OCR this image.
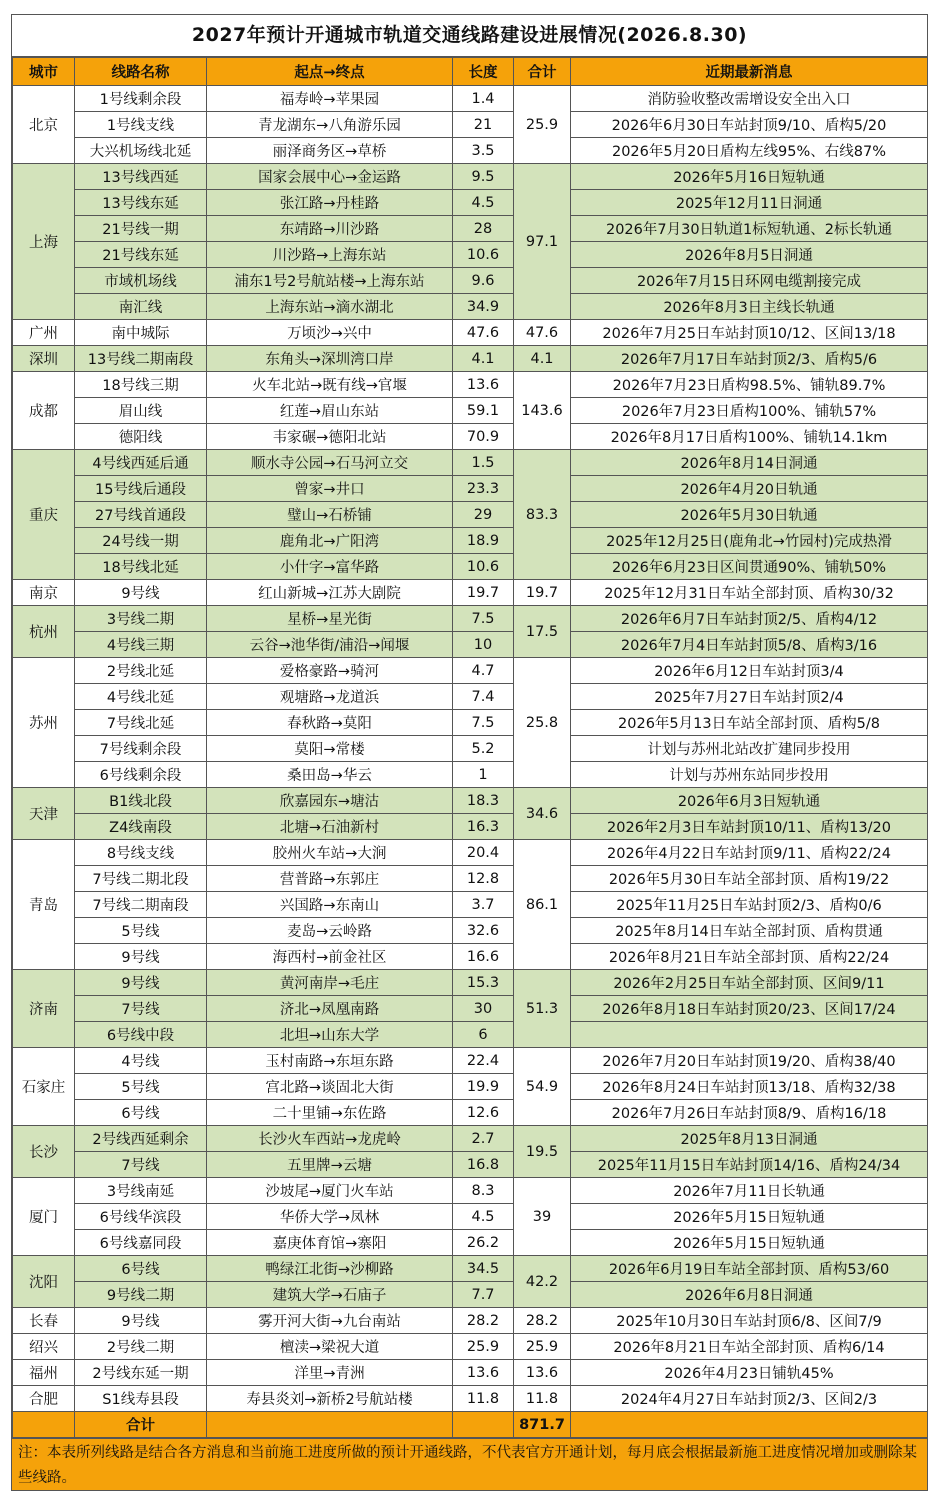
2027年预计开通城市轨道交通线路建设进展情况(2026.8.30)
城市	线路名称	起点→终点	长度	合计	近期最新消息
北京	1号线剩余段	福寿岭→苹果园	1.4	25.9	消防验收整改需增设安全出入口
	1号线支线	青龙湖东→八角游乐园	21		2026年6月30日车站封顶9/10、盾构5/20
	大兴机场线北延	丽泽商务区→草桥	3.5		2026年5月20日盾构左线95%、右线87%
上海	13号线西延	国家会展中心→金运路	9.5	97.1	2026年5月16日短轨通
	13号线东延	张江路→丹桂路	4.5		2025年12月11日洞通
	21号线一期	东靖路→川沙路	28		2026年7月30日轨道1标短轨通、2标长轨通
	21号线东延	川沙路→上海东站	10.6		2026年8月5日洞通
	市域机场线	浦东1号2号航站楼→上海东站	9.6		2026年7月15日环网电缆割接完成
	南汇线	上海东站→滴水湖北	34.9		2026年8月3日主线长轨通
广州	南中城际	万顷沙→兴中	47.6	47.6	2026年7月25日车站封顶10/12、区间13/18
深圳	13号线二期南段	东角头→深圳湾口岸	4.1	4.1	2026年7月17日车站封顶2/3、盾构5/6
成都	18号线三期	火车北站→既有线→官堰	13.6	143.6	2026年7月23日盾构98.5%、铺轨89.7%
	眉山线	红莲→眉山东站	59.1		2026年7月23日盾构100%、铺轨57%
	德阳线	韦家碾→德阳北站	70.9		2026年8月17日盾构100%、铺轨14.1km
重庆	4号线西延后通	顺水寺公园→石马河立交	1.5	83.3	2026年8月14日洞通
	15号线后通段	曾家→井口	23.3		2026年4月20日轨通
	27号线首通段	璧山→石桥铺	29		2026年5月30日轨通
	24号线一期	鹿角北→广阳湾	18.9		2025年12月25日(鹿角北→竹园村)完成热滑
	18号线北延	小什字→富华路	10.6		2026年6月23日区间贯通90%、铺轨50%
南京	9号线	红山新城→江苏大剧院	19.7	19.7	2025年12月31日车站全部封顶、盾构30/32
杭州	3号线二期	星桥→星光街	7.5	17.5	2026年6月7日车站封顶2/5、盾构4/12
	4号线三期	云谷→池华街/浦沿→闻堰	10		2026年7月4日车站封顶5/8、盾构3/16
苏州	2号线北延	爱格豪路→骑河	4.7	25.8	2026年6月12日车站封顶3/4
	4号线北延	观塘路→龙道浜	7.4		2025年7月27日车站封顶2/4
	7号线北延	春秋路→莫阳	7.5		2026年5月13日车站全部封顶、盾构5/8
	7号线剩余段	莫阳→常楼	5.2		计划与苏州北站改扩建同步投用
	6号线剩余段	桑田岛→华云	1		计划与苏州东站同步投用
天津	B1线北段	欣嘉园东→塘沽	18.3	34.6	2026年6月3日短轨通
	Z4线南段	北塘→石油新村	16.3		2026年2月3日车站封顶10/11、盾构13/20
青岛	8号线支线	胶州火车站→大涧	20.4	86.1	2026年4月22日车站封顶9/11、盾构22/24
	7号线二期北段	营普路→东郭庄	12.8		2026年5月30日车站全部封顶、盾构19/22
	7号线二期南段	兴国路→东南山	3.7		2025年11月25日车站封顶2/3、盾构0/6
	5号线	麦岛→云岭路	32.6		2025年8月14日车站全部封顶、盾构贯通
	9号线	海西村→前金社区	16.6		2026年8月21日车站全部封顶、盾构22/24
济南	9号线	黄河南岸→毛庄	15.3	51.3	2026年2月25日车站全部封顶、区间9/11
	7号线	济北→凤凰南路	30		2026年8月18日车站封顶20/23、区间17/24
	6号线中段	北坦→山东大学	6		
石家庄	4号线	玉村南路→东垣东路	22.4	54.9	2026年7月20日车站封顶19/20、盾构38/40
	5号线	宫北路→谈固北大街	19.9		2026年8月24日车站封顶13/18、盾构32/38
	6号线	二十里铺→东佐路	12.6		2026年7月26日车站封顶8/9、盾构16/18
长沙	2号线西延剩余	长沙火车西站→龙虎岭	2.7	19.5	2025年8月13日洞通
	7号线	五里牌→云塘	16.8		2025年11月15日车站封顶14/16、盾构24/34
厦门	3号线南延	沙坡尾→厦门火车站	8.3	39	2026年7月11日长轨通
	6号线华滨段	华侨大学→凤林	4.5		2026年5月15日短轨通
	6号线嘉同段	嘉庚体育馆→寨阳	26.2		2026年5月15日短轨通
沈阳	6号线	鸭绿江北街→沙柳路	34.5	42.2	2026年6月19日车站全部封顶、盾构53/60
	9号线二期	建筑大学→石庙子	7.7		2026年6月8日洞通
长春	9号线	雾开河大街→九台南站	28.2	28.2	2025年10月30日车站封顶6/8、区间7/9
绍兴	2号线二期	檀渎→梁祝大道	25.9	25.9	2026年8月21日车站全部封顶、盾构6/14
福州	2号线东延一期	洋里→青洲	13.6	13.6	2026年4月23日铺轨45%
合肥	S1线寿县段	寿县炎刘→新桥2号航站楼	11.8	11.8	2024年4月27日车站封顶2/3、区间2/3
	合计			871.7	
注：本表所列线路是结合各方消息和当前施工进度所做的预计开通线路，不代表官方开通计划，每月底会根据最新施工进度情况增加或删除某些线路。
